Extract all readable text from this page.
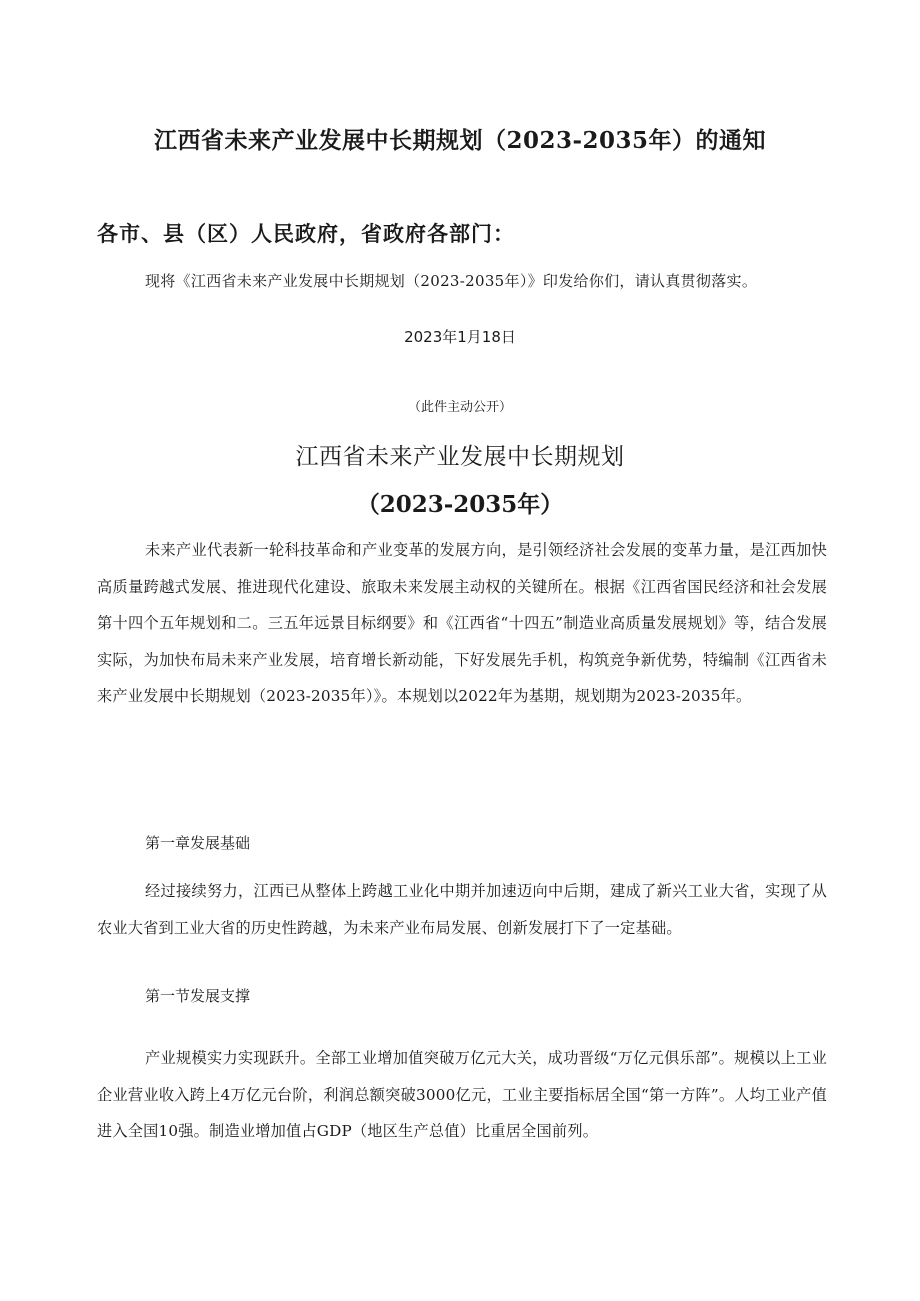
江西省未来产业发展中长期规划（2023-2035年）的通知
各市、县（区）人民政府，省政府各部门：
现将《江西省未来产业发展中长期规划（2023-2035年）》印发给你们，请认真贯彻落实。
2023年1月18日
（此件主动公开）
江西省未来产业发展中长期规划
（2023-2035年）

未来产业代表新一轮科技革命和产业变革的发展方向，是引领经济社会发展的变革力量，是江西加快高质量跨越式发展、推进现代化建设、旅取未来发展主动权的关键所在。根据《江西省国民经济和社会发展第十四个五年规划和二。三五年远景目标纲要》和《江西省“十四五”制造业高质量发展规划》等，结合发展实际，为加快布局未来产业发展，培育增长新动能，下好发展先手机，构筑竞争新优势，特编制《江西省未来产业发展中长期规划（2023-2035年）》。本规划以2022年为基期，规划期为2023-2035年。

第一章发展基础

经过接续努力，江西已从整体上跨越工业化中期并加速迈向中后期，建成了新兴工业大省，实现了从农业大省到工业大省的历史性跨越，为未来产业布局发展、创新发展打下了一定基础。

第一节发展支撑

产业规模实力实现跃升。全部工业增加值突破万亿元大关，成功晋级“万亿元俱乐部”。规模以上工业企业营业收入跨上4万亿元台阶，利润总额突破3000亿元，工业主要指标居全国“第一方阵”。人均工业产值进入全国10强。制造业增加值占GDP（地区生产总值）比重居全国前列。
